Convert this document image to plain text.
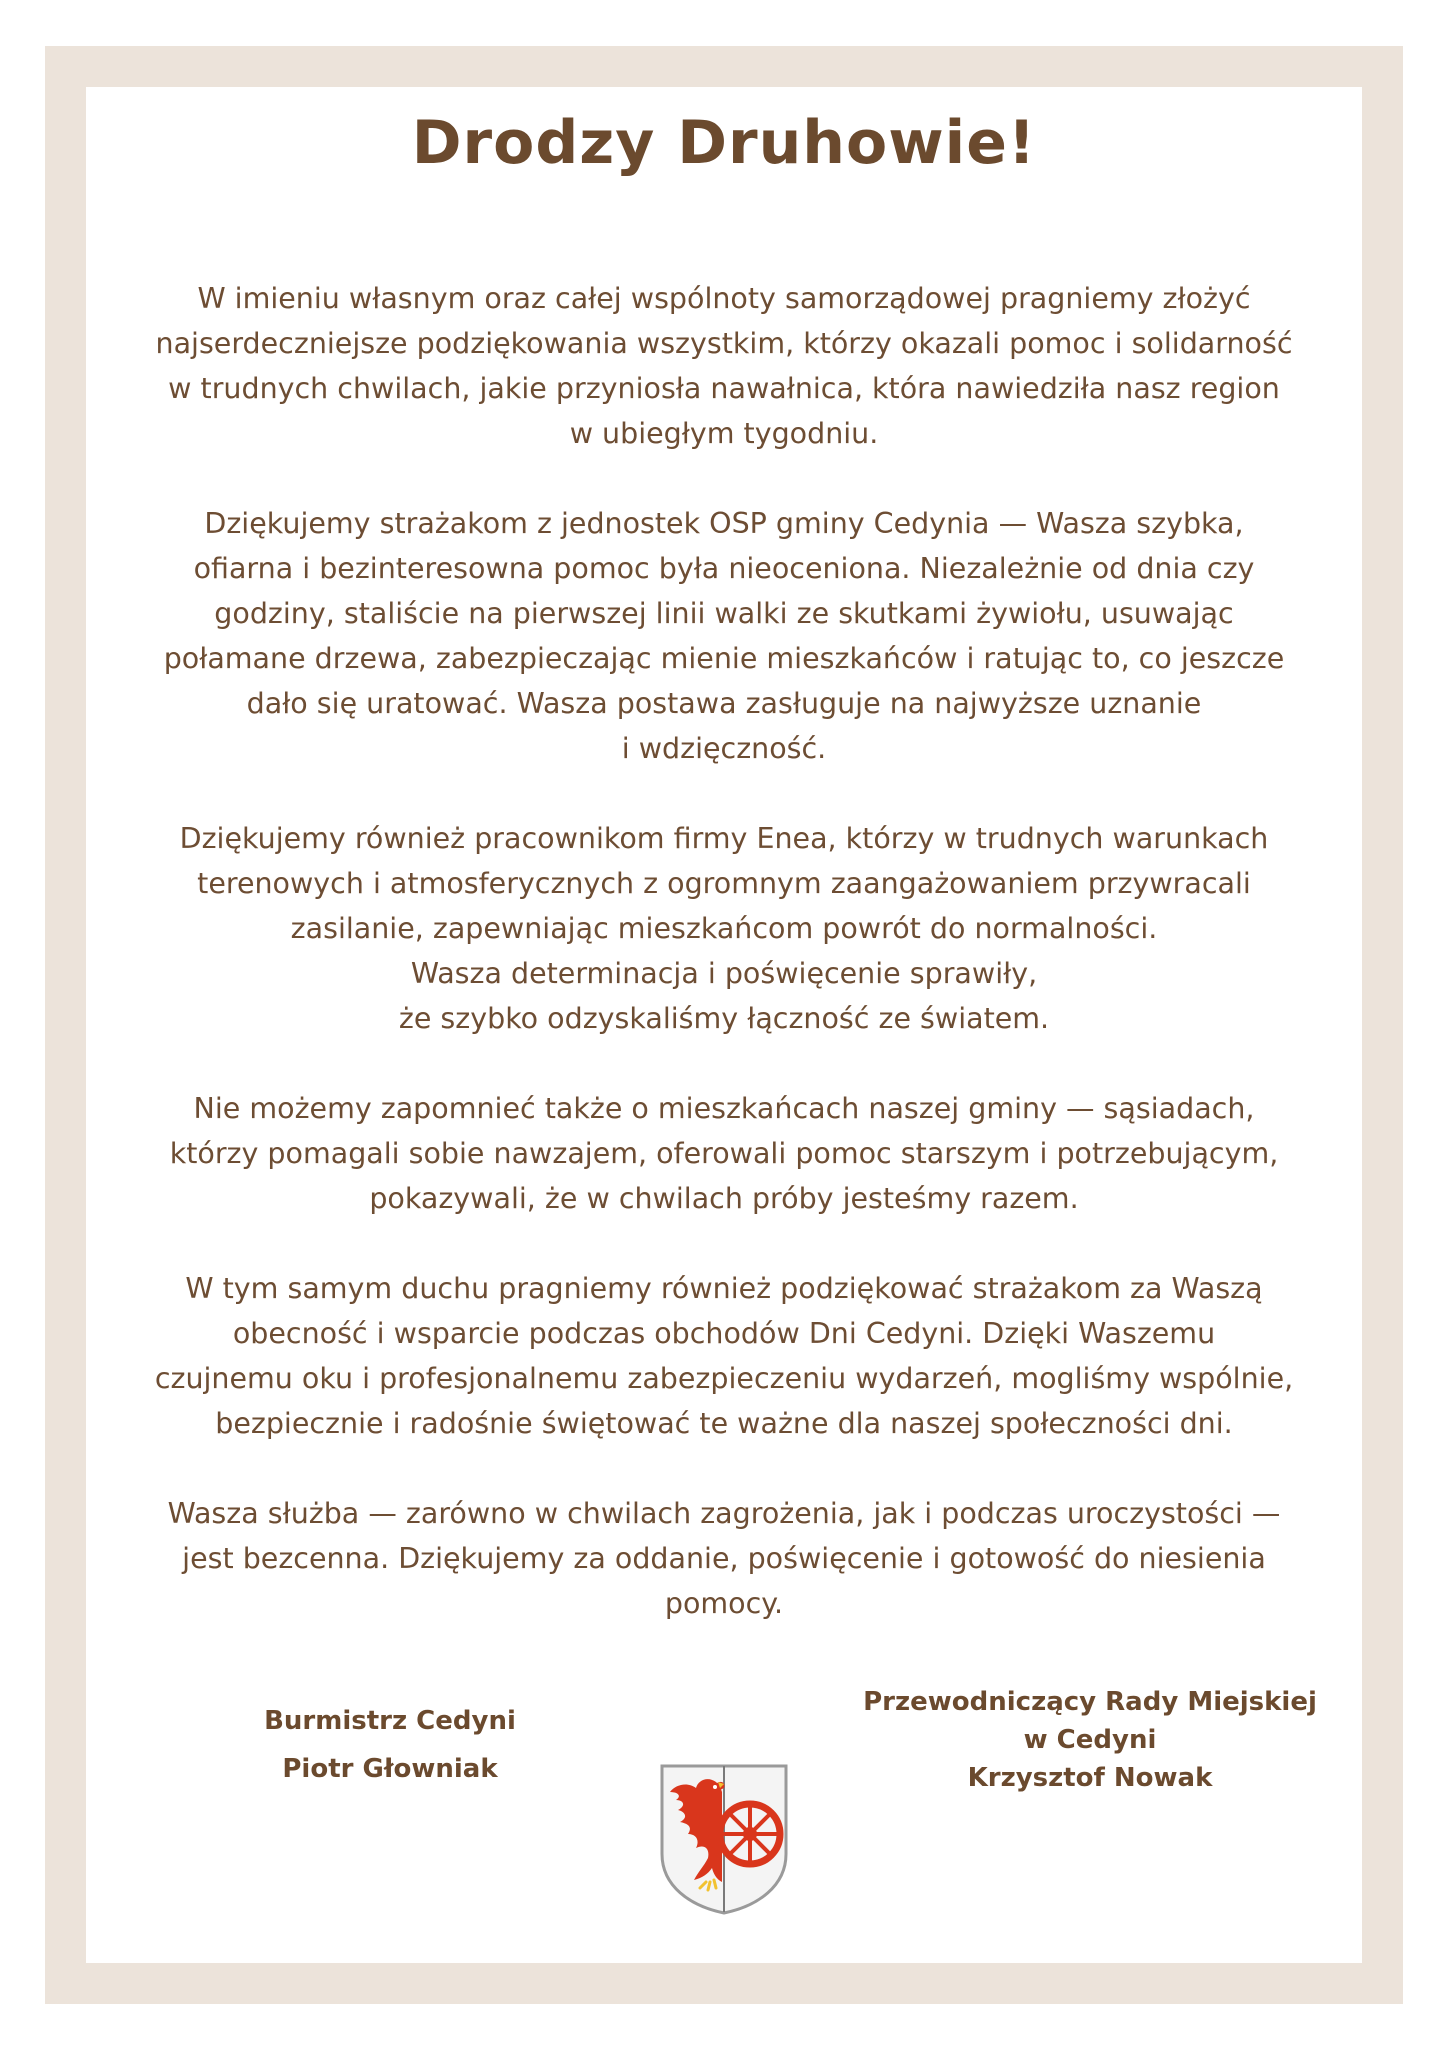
Drodzy Druhowie!

W imieniu własnym oraz całej wspólnoty samorządowej pragniemy złożyć
najserdeczniejsze podziękowania wszystkim, którzy okazali pomoc i solidarność
w trudnych chwilach, jakie przyniosła nawałnica, która nawiedziła nasz region
w ubiegłym tygodniu.

Dziękujemy strażakom z jednostek OSP gminy Cedynia — Wasza szybka,
ofiarna i bezinteresowna pomoc była nieoceniona. Niezależnie od dnia czy
godziny, staliście na pierwszej linii walki ze skutkami żywiołu, usuwając
połamane drzewa, zabezpieczając mienie mieszkańców i ratując to, co jeszcze
dało się uratować. Wasza postawa zasługuje na najwyższe uznanie
i wdzięczność.

Dziękujemy również pracownikom firmy Enea, którzy w trudnych warunkach
terenowych i atmosferycznych z ogromnym zaangażowaniem przywracali
zasilanie, zapewniając mieszkańcom powrót do normalności.
Wasza determinacja i poświęcenie sprawiły,
że szybko odzyskaliśmy łączność ze światem.

Nie możemy zapomnieć także o mieszkańcach naszej gminy — sąsiadach,
którzy pomagali sobie nawzajem, oferowali pomoc starszym i potrzebującym,
pokazywali, że w chwilach próby jesteśmy razem.

W tym samym duchu pragniemy również podziękować strażakom za Waszą
obecność i wsparcie podczas obchodów Dni Cedyni. Dzięki Waszemu
czujnemu oku i profesjonalnemu zabezpieczeniu wydarzeń, mogliśmy wspólnie,
bezpiecznie i radośnie świętować te ważne dla naszej społeczności dni.

Wasza służba — zarówno w chwilach zagrożenia, jak i podczas uroczystości —
jest bezcenna. Dziękujemy za oddanie, poświęcenie i gotowość do niesienia
pomocy.

Burmistrz Cedyni
Piotr Głowniak
Przewodniczący Rady Miejskiej
w Cedyni
Krzysztof Nowak
